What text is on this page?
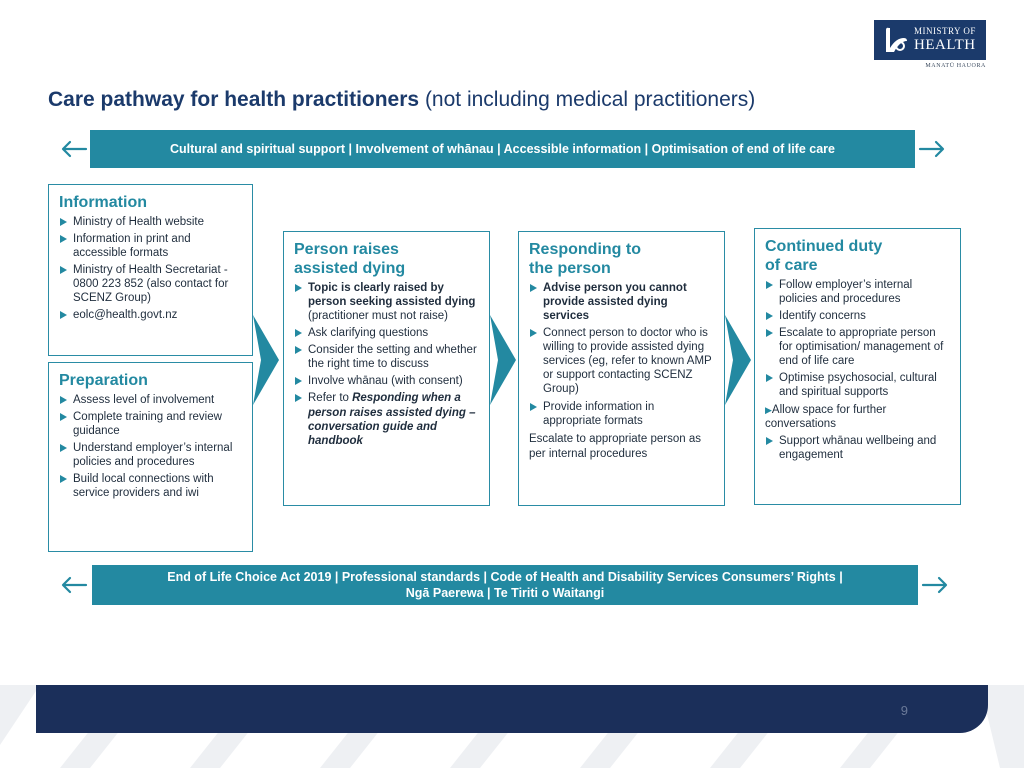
MINISTRY OF
HEALTH
MANATŪ HAUORA
Care pathway for health practitioners (not including medical practitioners)
Cultural and spiritual support | Involvement of whānau | Accessible information | Optimisation of end of life care
Information
Ministry of Health website
Information in print and accessible formats
Ministry of Health Secretariat - 0800 223 852 (also contact for SCENZ Group)
eolc@health.govt.nz
Preparation
Assess level of involvement
Complete training and review guidance
Understand employer’s internal policies and procedures
Build local connections with service providers and iwi
Person raises
assisted dying
Topic is clearly raised by person seeking assisted dying (practitioner must not raise)
Ask clarifying questions
Consider the setting and whether the right time to discuss
Involve whānau (with consent)
Refer to Responding when a person raises assisted dying – conversation guide and handbook
Responding to
the person
Advise person you cannot provide assisted dying services
Connect person to doctor who is willing to provide assisted dying services (eg, refer to known AMP or support contacting SCENZ Group)
Provide information in appropriate formats

Escalate to appropriate person as per internal procedures

Continued duty
of care
Follow employer’s internal policies and procedures
Identify concerns
Escalate to appropriate person for optimisation/ management of end of life care
Optimise psychosocial, cultural and spiritual supports
▶Allow space for further conversations
Support whānau wellbeing and engagement
End of Life Choice Act 2019 | Professional standards | Code of Health and Disability Services Consumers’ Rights |
Ngā Paerewa | Te Tiriti o Waitangi
9
